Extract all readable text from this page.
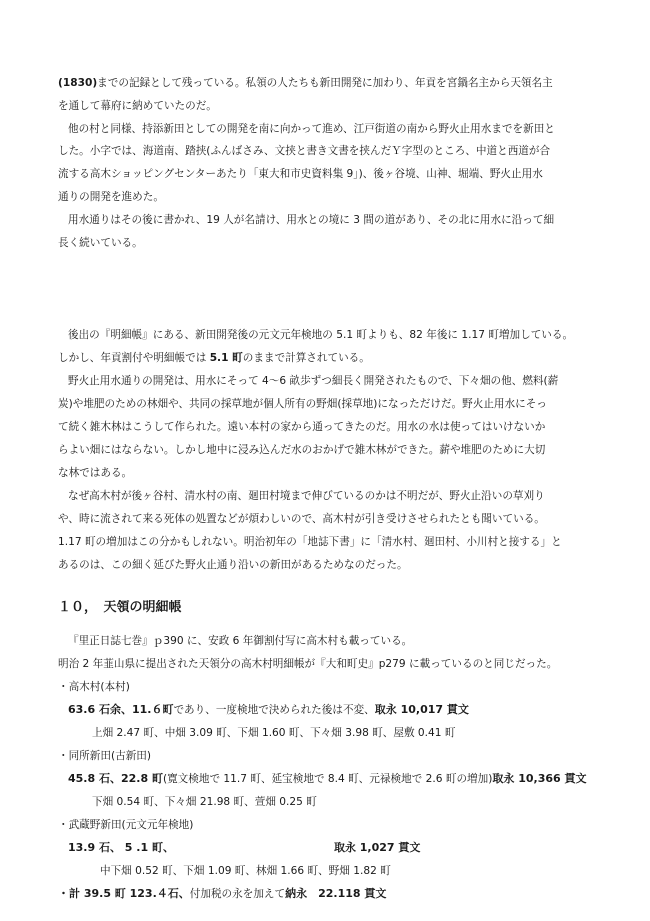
(1830)までの記録として残っている。私領の人たちも新田開発に加わり、年貢を宮鍋名主から天領名主
を通して幕府に納めていたのだ。
他の村と同様、持添新田としての開発を南に向かって進め、江戸街道の南から野火止用水までを新田と
した。小字では、海道南、踏挟(ふんばさみ、文挟と書き文書を挟んだＹ字型のところ、中道と西道が合
流する高木ショッピングセンターあたり「東大和市史資料集 9」)、後ヶ谷境、山神、堀端、野火止用水
通りの開発を進めた。
用水通りはその後に書かれ、19 人が名請け、用水との境に 3 間の道があり、その北に用水に沿って細
長く続いている。
後出の『明細帳』にある、新田開発後の元文元年検地の 5.1 町よりも、82 年後に 1.17 町増加している。
しかし、年貢割付や明細帳では 5.1 町のままで計算されている。
野火止用水通りの開発は、用水にそって 4～6 畝歩ずつ細長く開発されたもので、下々畑の他、燃料(薪
炭)や堆肥のための林畑や、共同の採草地が個人所有の野畑(採草地)になっただけだ。野火止用水にそっ
て続く雑木林はこうして作られた。遠い本村の家から通ってきたのだ。用水の水は使ってはいけないか
らよい畑にはならない。しかし地中に浸み込んだ水のおかげで雑木林ができた。薪や堆肥のために大切
な林ではある。
なぜ高木村が後ヶ谷村、清水村の南、廻田村境まで伸びているのかは不明だが、野火止沿いの草刈り
や、時に流されて来る死体の処置などが煩わしいので、高木村が引き受けさせられたとも聞いている。
1.17 町の増加はこの分かもしれない。明治初年の「地誌下書」に「清水村、廻田村、小川村と接する」と
あるのは、この細く延びた野火止通り沿いの新田があるためなのだった。
１０，　天領の明細帳
『里正日誌七巻』ｐ390 に、安政 6 年御割付写に高木村も載っている。
明治 2 年韮山県に提出された天領分の高木村明細帳が『大和町史』p279 に載っているのと同じだった。
・高木村(本村)
63.6 石余、11.６町であり、一度検地で決められた後は不変、取永 10,017 貫文
上畑 2.47 町、中畑 3.09 町、下畑 1.60 町、下々畑 3.98 町、屋敷 0.41 町
・同所新田(古新田)
45.8 石、22.8 町(寛文検地で 11.7 町、延宝検地で 8.4 町、元禄検地で 2.6 町の増加)取永 10,366 貫文
下畑 0.54 町、下々畑 21.98 町、萱畑 0.25 町
・武蔵野新田(元文元年検地)
13.9 石、 5 .1 町、	取永 1,027 貫文
中下畑 0.52 町、下畑 1.09 町、林畑 1.66 町、野畑 1.82 町
・計 39.5 町 123.４石、付加税の永を加えて納永　22.118 貫文
